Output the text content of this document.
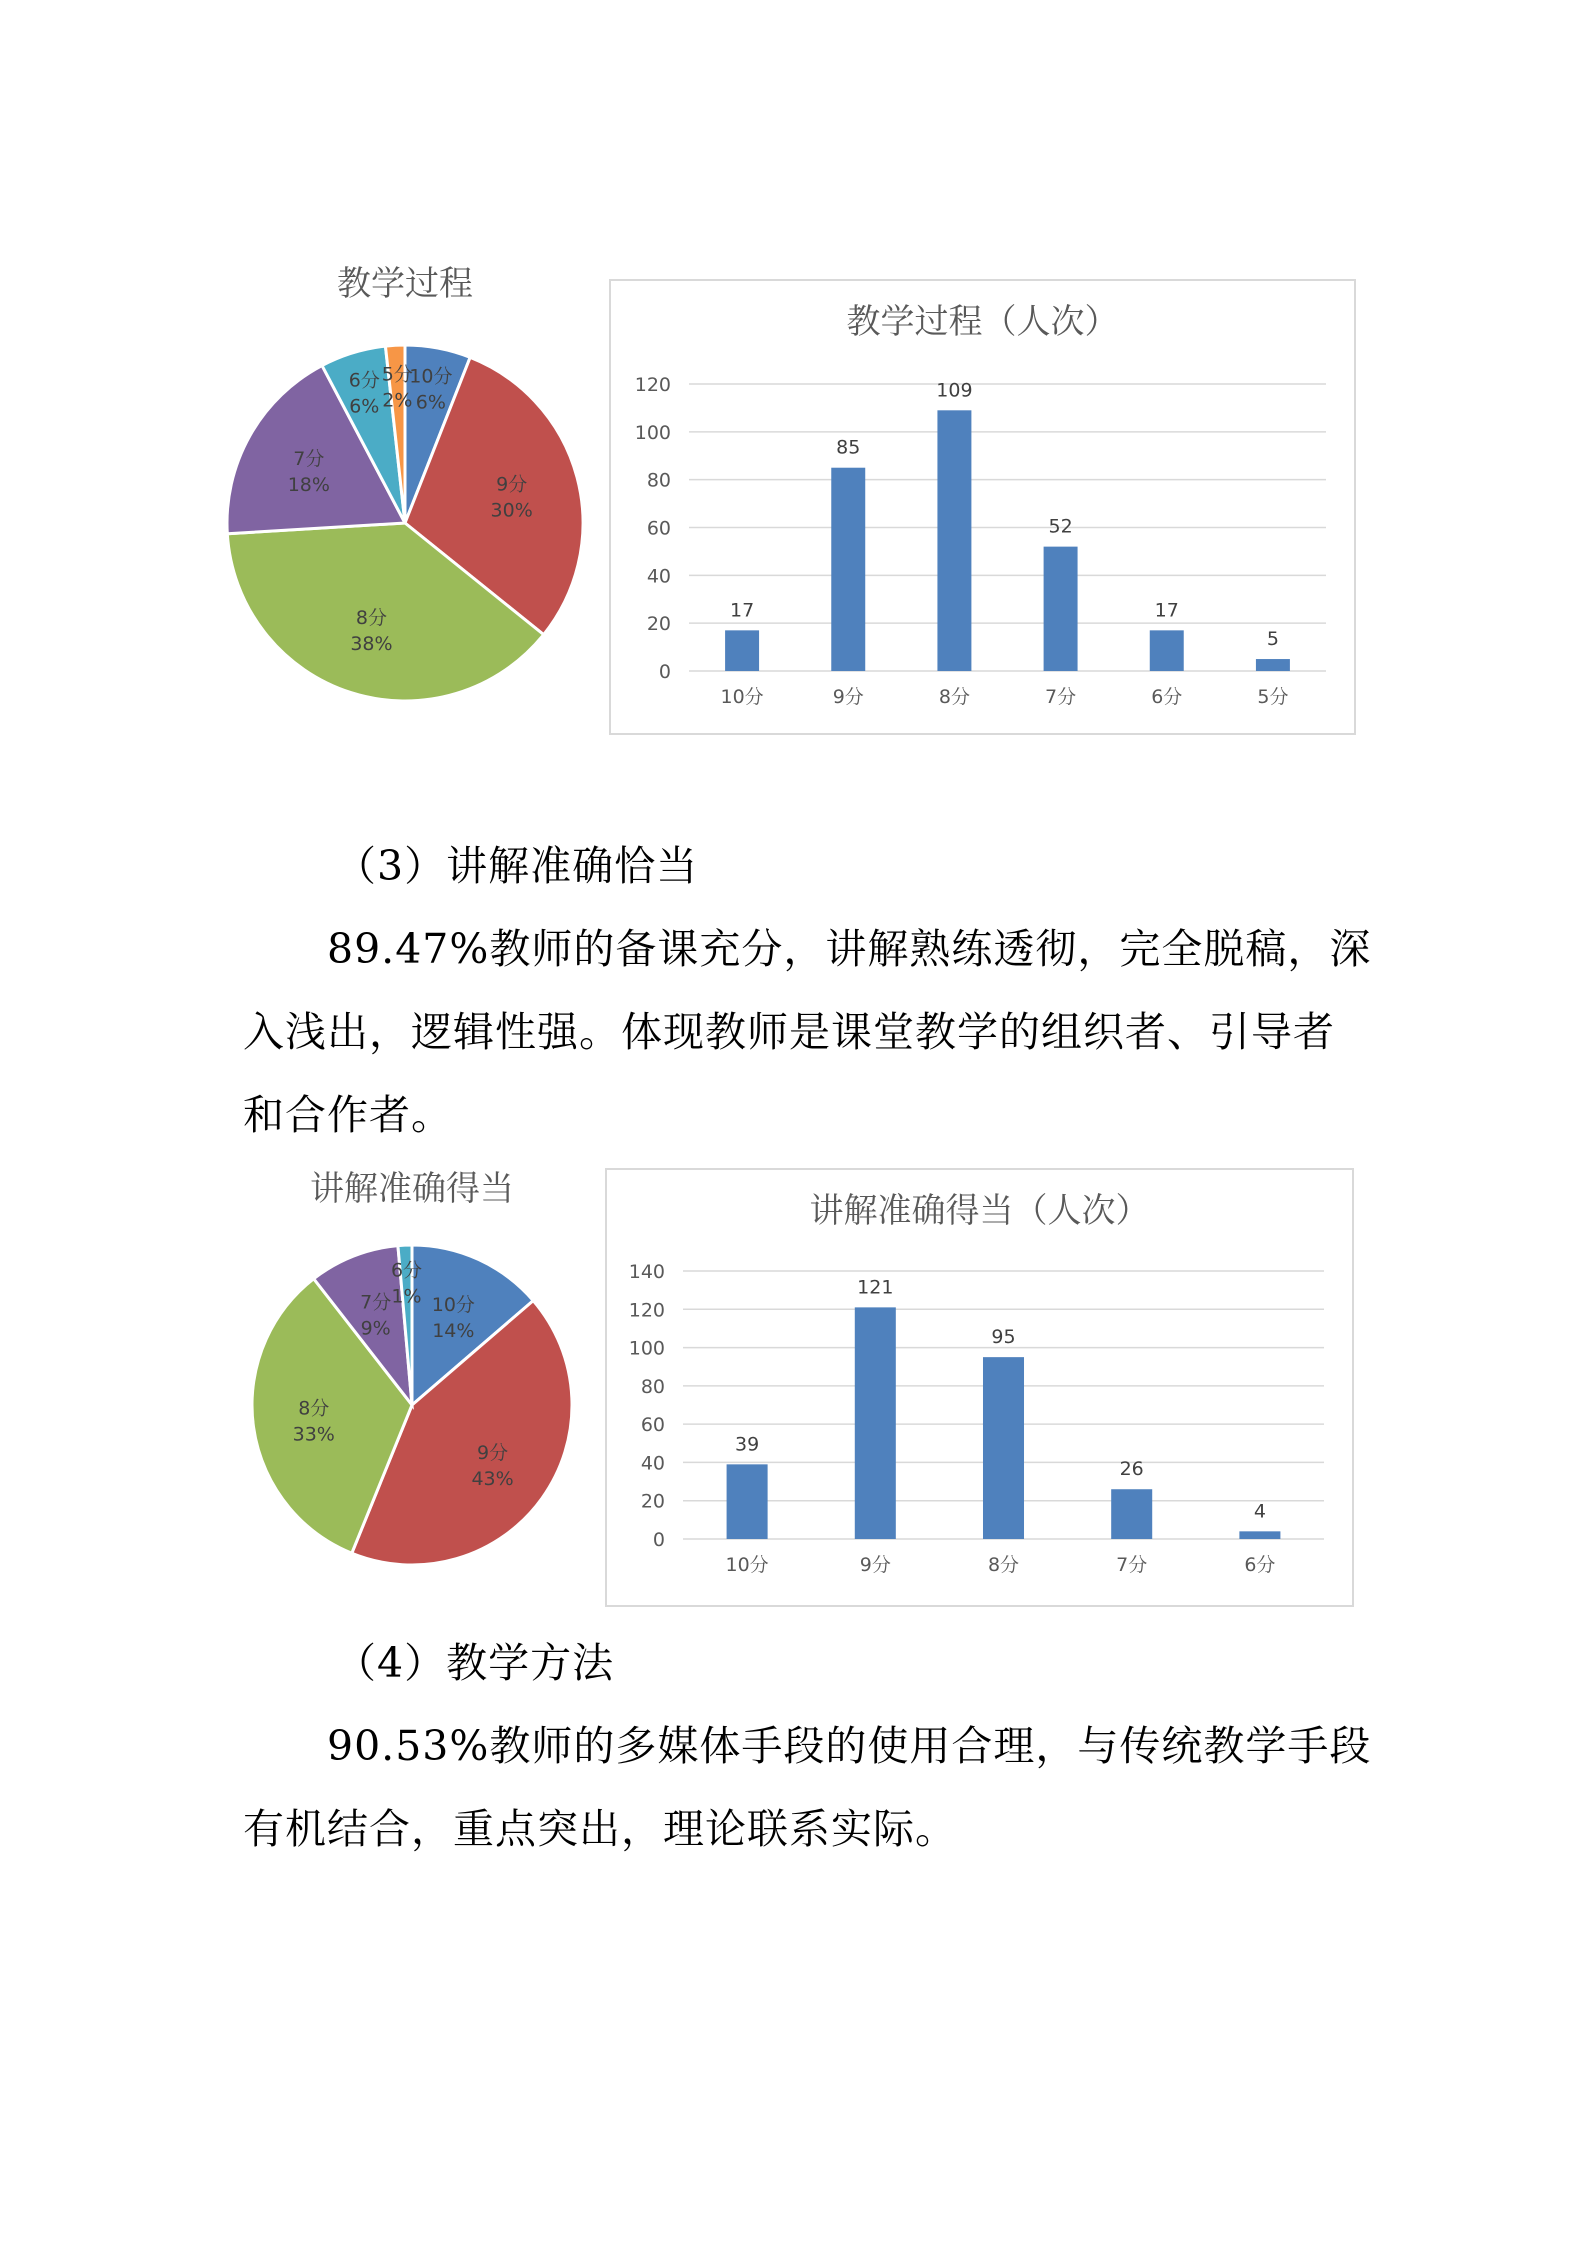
教学过程
10分
6%
9分
30%
8分
38%
7分
18%
6分
6%
5分
2%
教学过程（人次）
0
20
40
60
80
100
120
17
10分
85
9分
109
8分
52
7分
17
6分
5
5分
（3）讲解准确恰当
89.47%教师的备课充分，讲解熟练透彻，完全脱稿，深
入浅出，逻辑性强。体现教师是课堂教学的组织者、引导者
和合作者。
讲解准确得当
10分
14%
9分
43%
8分
33%
7分
9%
6分
1%
讲解准确得当（人次）
0
20
40
60
80
100
120
140
39
10分
121
9分
95
8分
26
7分
4
6分
（4）教学方法
90.53%教师的多媒体手段的使用合理，与传统教学手段
有机结合，重点突出，理论联系实际。
